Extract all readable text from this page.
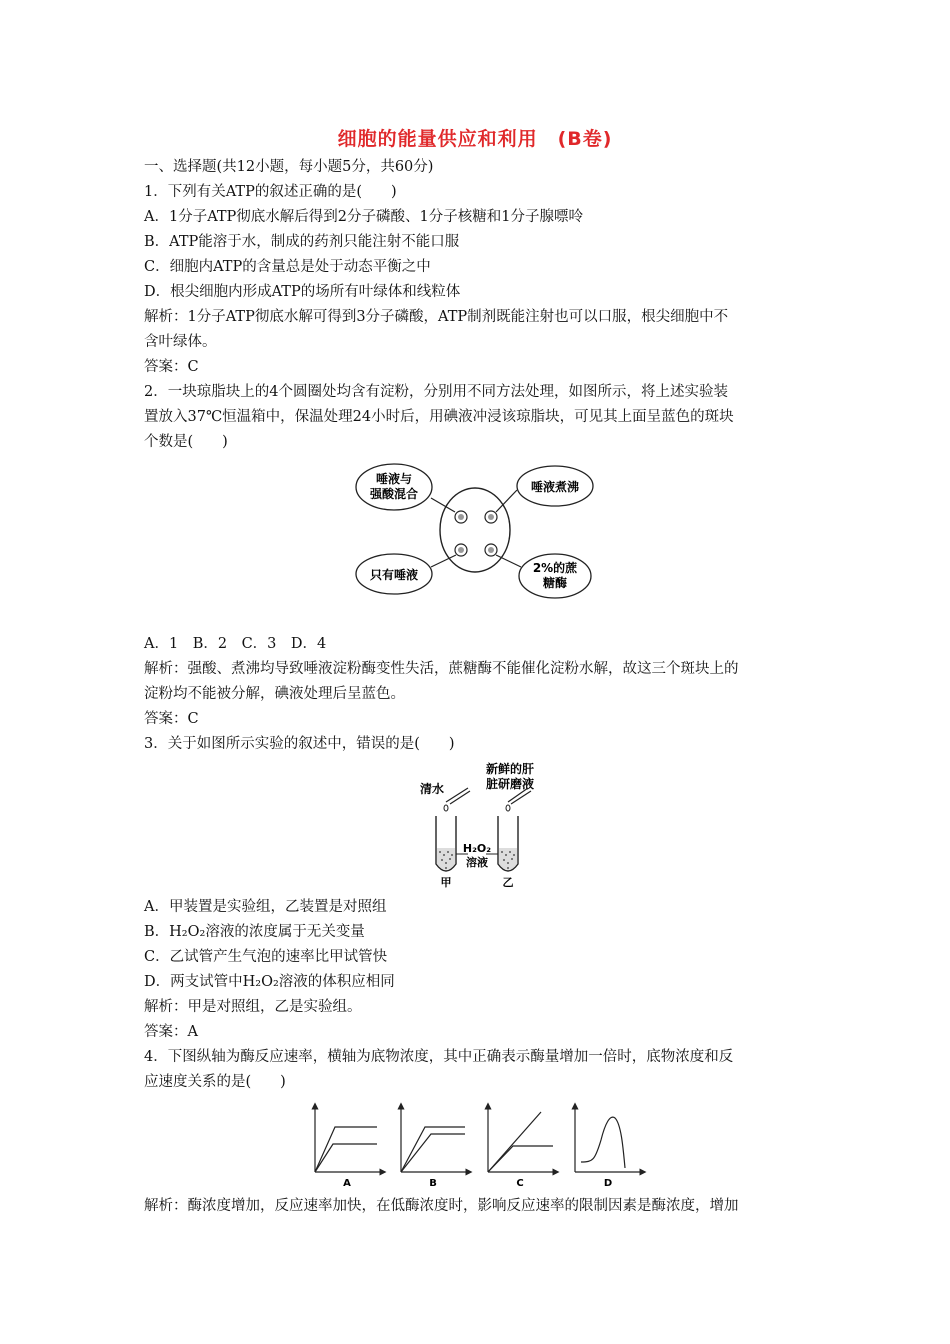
细胞的能量供应和利用　(B卷)
一、选择题(共12小题，每小题5分，共60分)
1．下列有关ATP的叙述正确的是(　　)
A．1分子ATP彻底水解后得到2分子磷酸、1分子核糖和1分子腺嘌呤
B．ATP能溶于水，制成的药剂只能注射不能口服
C．细胞内ATP的含量总是处于动态平衡之中
D．根尖细胞内形成ATP的场所有叶绿体和线粒体
解析：1分子ATP彻底水解可得到3分子磷酸，ATP制剂既能注射也可以口服，根尖细胞中不
含叶绿体。
答案：C
2．一块琼脂块上的4个圆圈处均含有淀粉，分别用不同方法处理，如图所示，将上述实验装
置放入37℃恒温箱中，保温处理24小时后，用碘液冲浸该琼脂块，可见其上面呈蓝色的斑块
个数是(　　)
唾液与
强酸混合	唾液煮沸
只有唾液	2%的蔗
糖酶
A．1　B．2　C．3　D．4
解析：强酸、煮沸均导致唾液淀粉酶变性失活，蔗糖酶不能催化淀粉水解，故这三个斑块上的
淀粉均不能被分解，碘液处理后呈蓝色。
答案：C
3．关于如图所示实验的叙述中，错误的是(　　)
清水
新鲜的肝
脏研磨液
H₂O₂
溶液
甲	乙
A．甲装置是实验组，乙装置是对照组
B．H₂O₂溶液的浓度属于无关变量
C．乙试管产生气泡的速率比甲试管快
D．两支试管中H₂O₂溶液的体积应相同
解析：甲是对照组，乙是实验组。
答案：A
4．下图纵轴为酶反应速率，横轴为底物浓度，其中正确表示酶量增加一倍时，底物浓度和反
应速度关系的是(　　)
A	B	C	D
解析：酶浓度增加，反应速率加快，在低酶浓度时，影响反应速率的限制因素是酶浓度，增加
